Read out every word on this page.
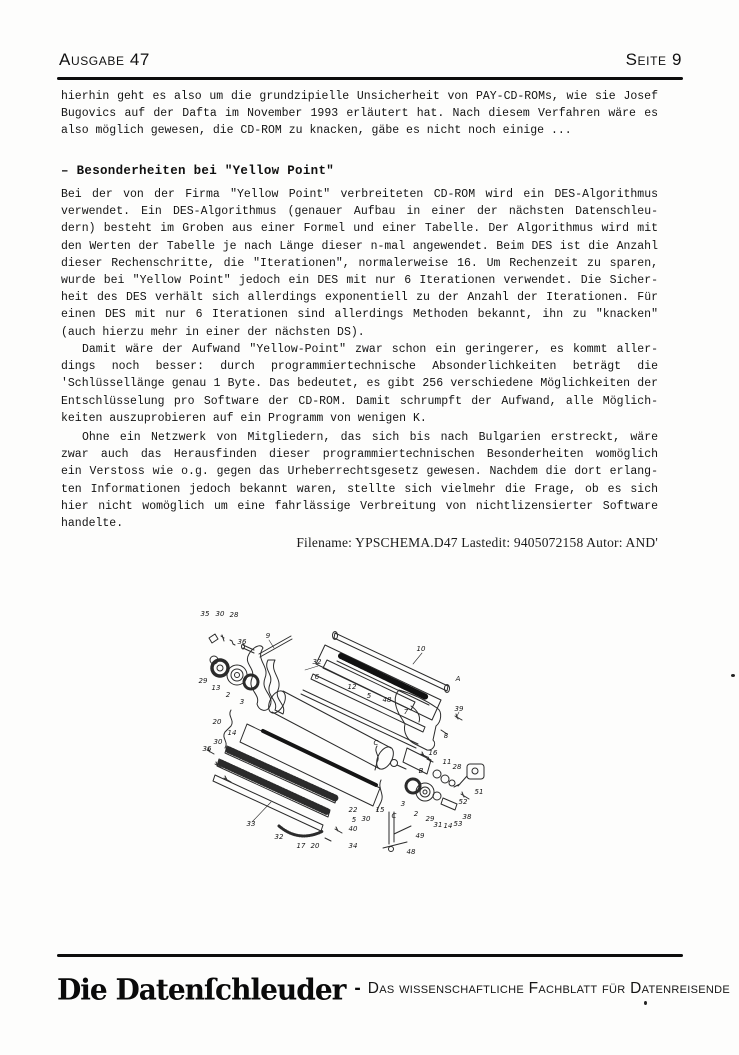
Ausgabe 47	Seite 9
hierhin geht es also um die grundzipielle Unsicherheit von PAY-CD-ROMs, wie sie Josef
Bugovics auf der Dafta im November 1993 erläutert hat. Nach diesem Verfahren wäre es
also möglich gewesen, die CD-ROM zu knacken, gäbe es nicht noch einige ...
– Besonderheiten bei "Yellow Point"
Bei der von der Firma "Yellow Point" verbreiteten CD-ROM wird ein DES-Algorithmus
verwendet. Ein DES-Algorithmus (genauer Aufbau in einer der nächsten Datenschleu-
dern) besteht im Groben aus einer Formel und einer Tabelle. Der Algorithmus wird mit
den Werten der Tabelle je nach Länge dieser n-mal angewendet. Beim DES ist die Anzahl
dieser Rechenschritte, die "Iterationen", normalerweise 16. Um Rechenzeit zu sparen,
wurde bei "Yellow Point" jedoch ein DES mit nur 6 Iterationen verwendet. Die Sicher-
heit des DES verhält sich allerdings exponentiell zu der Anzahl der Iterationen. Für
einen DES mit nur 6 Iterationen sind allerdings Methoden bekannt, ihn zu "knacken"
(auch hierzu mehr in einer der nächsten DS).
Damit wäre der Aufwand "Yellow-Point" zwar schon ein geringerer, es kommt aller-
dings noch besser: durch programmiertechnische Absonderlichkeiten beträgt die
'Schlüssellänge genau 1 Byte. Das bedeutet, es gibt 256 verschiedene Möglichkeiten der
Entschlüsselung pro Software der CD-ROM. Damit schrumpft der Aufwand, alle Möglich-
keiten auszuprobieren auf ein Programm von wenigen K.
Ohne ein Netzwerk von Mitgliedern, das sich bis nach Bulgarien erstreckt, wäre
zwar auch das Herausfinden dieser programmiertechnischen Besonderheiten womöglich
ein Verstoss wie o.g. gegen das Urheberrechtsgesetz gewesen. Nachdem die dort erlang-
ten Informationen jedoch bekannt waren, stellte sich vielmehr die Frage, ob es sich
hier nicht womöglich um eine fahrlässige Verbreitung von nichtlizensierter Software
handelte.
Filename: YPSCHEMA.D47 Lastedit: 9405072158 Autor: AND'
35 30 28
36
9
29
13
2
3
32
6
12
5 48
7
10
A
39
8
20
14
30
36
33
32
17 20
22
5
40
34
30
15
C
C
B
3
2
29
31 14 53
38
52
51
16
11
28
49
48
Die Datenſchleuder - Das wissenschaftliche Fachblatt für Datenreisende
